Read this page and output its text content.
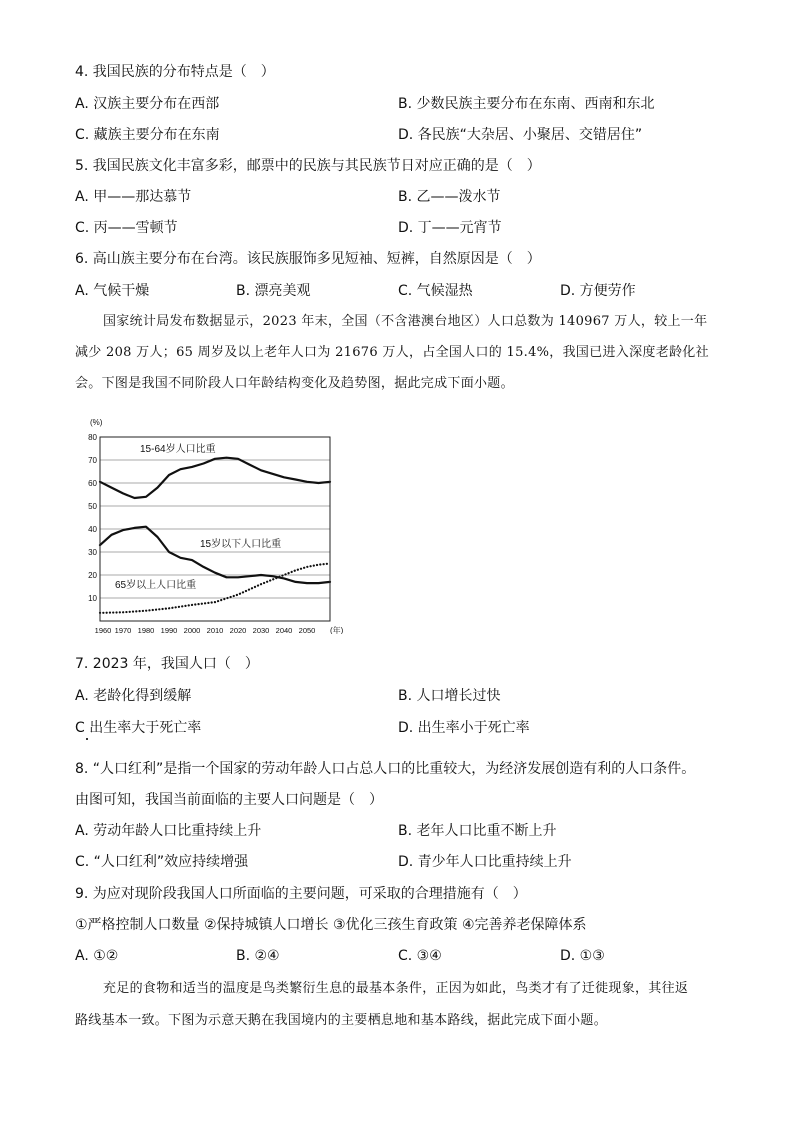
4. 我国民族的分布特点是（　）
A. 汉族主要分布在西部	B. 少数民族主要分布在东南、西南和东北
C. 藏族主要分布在东南	D. 各民族“大杂居、小聚居、交错居住”
5. 我国民族文化丰富多彩，邮票中的民族与其民族节日对应正确的是（　）
A. 甲——那达慕节	B. 乙——泼水节
C. 丙——雪顿节	D. 丁——元宵节
6. 高山族主要分布在台湾。该民族服饰多见短袖、短裤，自然原因是（　）
A. 气候干燥	B. 漂亮美观	C. 气候湿热	D. 方便劳作
国家统计局发布数据显示，2023 年末，全国（不含港澳台地区）人口总数为 140967 万人，较上一年
减少 208 万人；65 周岁及以上老年人口为 21676 万人，占全国人口的 15.4%，我国已进入深度老龄化社
会。下图是我国不同阶段人口年龄结构变化及趋势图，据此完成下面小题。
10
20
30
40
50
60
70
80
1960 1970 1980 1990 2000 2010 2020 2030 2040 2050
(%)
(年)
15-64岁人口比重
15岁以下人口比重
65岁以上人口比重
7. 2023 年，我国人口（　）
A. 老龄化得到缓解	B. 人口增长过快
C 出生率大于死亡率	D. 出生率小于死亡率
8. “人口红利”是指一个国家的劳动年龄人口占总人口的比重较大，为经济发展创造有利的人口条件。
由图可知，我国当前面临的主要人口问题是（　）
A. 劳动年龄人口比重持续上升	B. 老年人口比重不断上升
C. “人口红利”效应持续增强	D. 青少年人口比重持续上升
9. 为应对现阶段我国人口所面临的主要问题，可采取的合理措施有（　）
①严格控制人口数量 ②保持城镇人口增长 ③优化三孩生育政策 ④完善养老保障体系
A. ①②	B. ②④	C. ③④	D. ①③
充足的食物和适当的温度是鸟类繁衍生息的最基本条件，正因为如此，鸟类才有了迁徙现象，其往返
路线基本一致。下图为示意天鹅在我国境内的主要栖息地和基本路线，据此完成下面小题。
